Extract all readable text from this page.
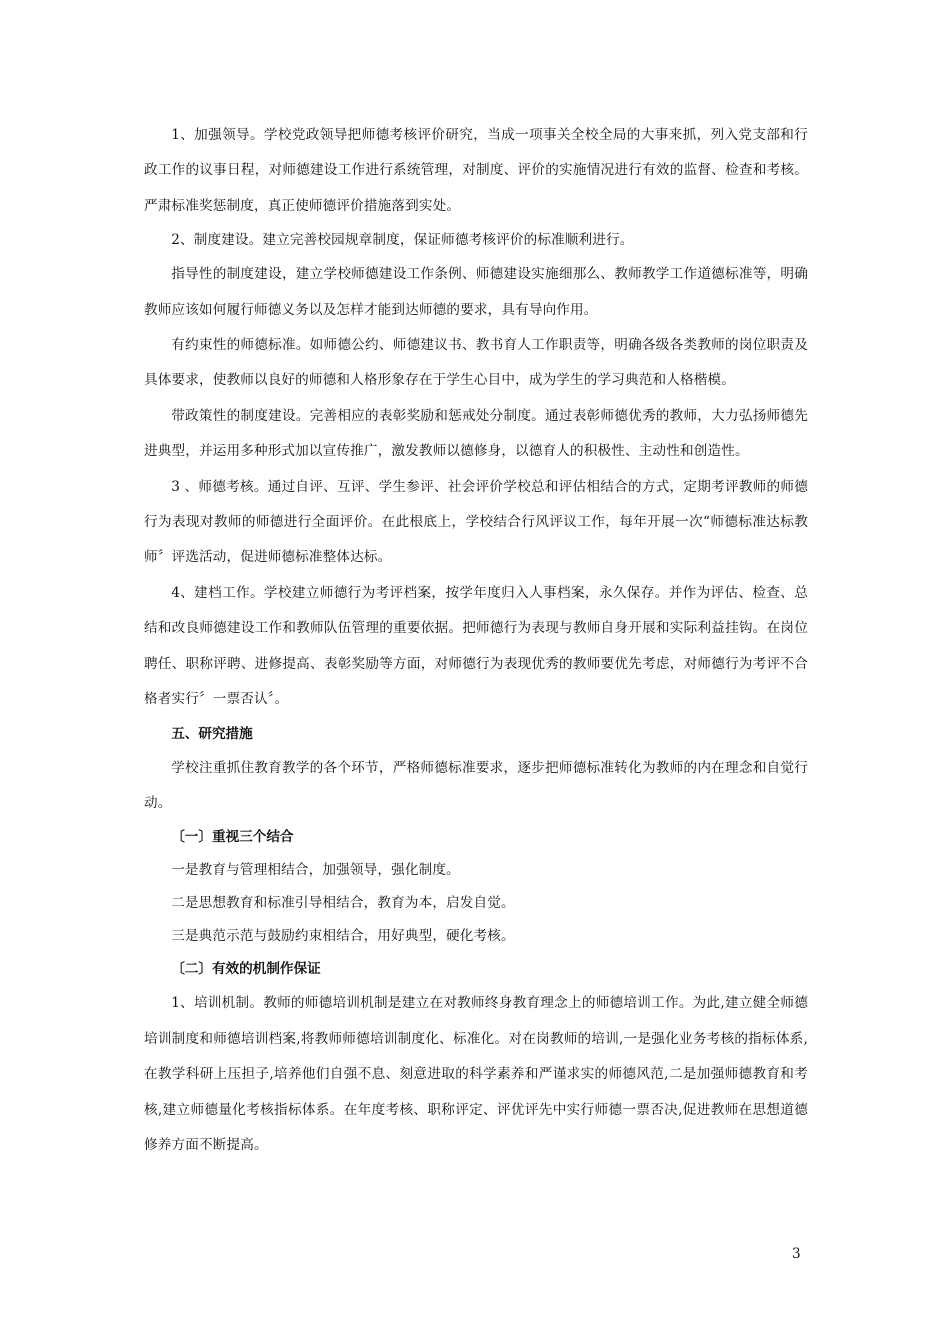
1、加强领导。学校党政领导把师德考核评价研究，当成一项事关全校全局的大事来抓，列入党支部和行政工作的议事日程，对师德建设工作进行系统管理，对制度、评价的实施情况进行有效的监督、检查和考核。严肃标准奖惩制度，真正使师德评价措施落到实处。

2、制度建设。建立完善校园规章制度，保证师德考核评价的标准顺利进行。

指导性的制度建设，建立学校师德建设工作条例、师德建设实施细那么、教师教学工作道德标准等，明确教师应该如何履行师德义务以及怎样才能到达师德的要求，具有导向作用。

有约束性的师德标准。如师德公约、师德建议书、教书育人工作职责等，明确各级各类教师的岗位职责及具体要求，使教师以良好的师德和人格形象存在于学生心目中，成为学生的学习典范和人格楷模。

带政策性的制度建设。完善相应的表彰奖励和惩戒处分制度。通过表彰师德优秀的教师，大力弘扬师德先进典型，并运用多种形式加以宣传推广，激发教师以德修身，以德育人的积极性、主动性和创造性。

3 、师德考核。通过自评、互评、学生参评、社会评价学校总和评估相结合的方式，定期考评教师的师德行为表现对教师的师德进行全面评价。在此根底上，学校结合行风评议工作，每年开展一次“师德标准达标教师〞评选活动，促进师德标准整体达标。

4、建档工作。学校建立师德行为考评档案，按学年度归入人事档案，永久保存。并作为评估、检查、总结和改良师德建设工作和教师队伍管理的重要依据。把师德行为表现与教师自身开展和实际利益挂钩。在岗位聘任、职称评聘、进修提高、表彰奖励等方面，对师德行为表现优秀的教师要优先考虑，对师德行为考评不合格者实行〞一票否认〞。

五、研究措施

学校注重抓住教育教学的各个环节，严格师德标准要求，逐步把师德标准转化为教师的内在理念和自觉行动。

〔一〕重视三个结合

一是教育与管理相结合，加强领导，强化制度。

二是思想教育和标准引导相结合，教育为本，启发自觉。

三是典范示范与鼓励约束相结合，用好典型，硬化考核。

〔二〕有效的机制作保证

1、培训机制。教师的师德培训机制是建立在对教师终身教育理念上的师德培训工作。为此,建立健全师德培训制度和师德培训档案,将教师师德培训制度化、标准化。对在岗教师的培训,一是强化业务考核的指标体系,在教学科研上压担子,培养他们自强不息、刻意进取的科学素养和严谨求实的师德风范,二是加强师德教育和考核,建立师德量化考核指标体系。在年度考核、职称评定、评优评先中实行师德一票否决,促进教师在思想道德修养方面不断提高。

3
